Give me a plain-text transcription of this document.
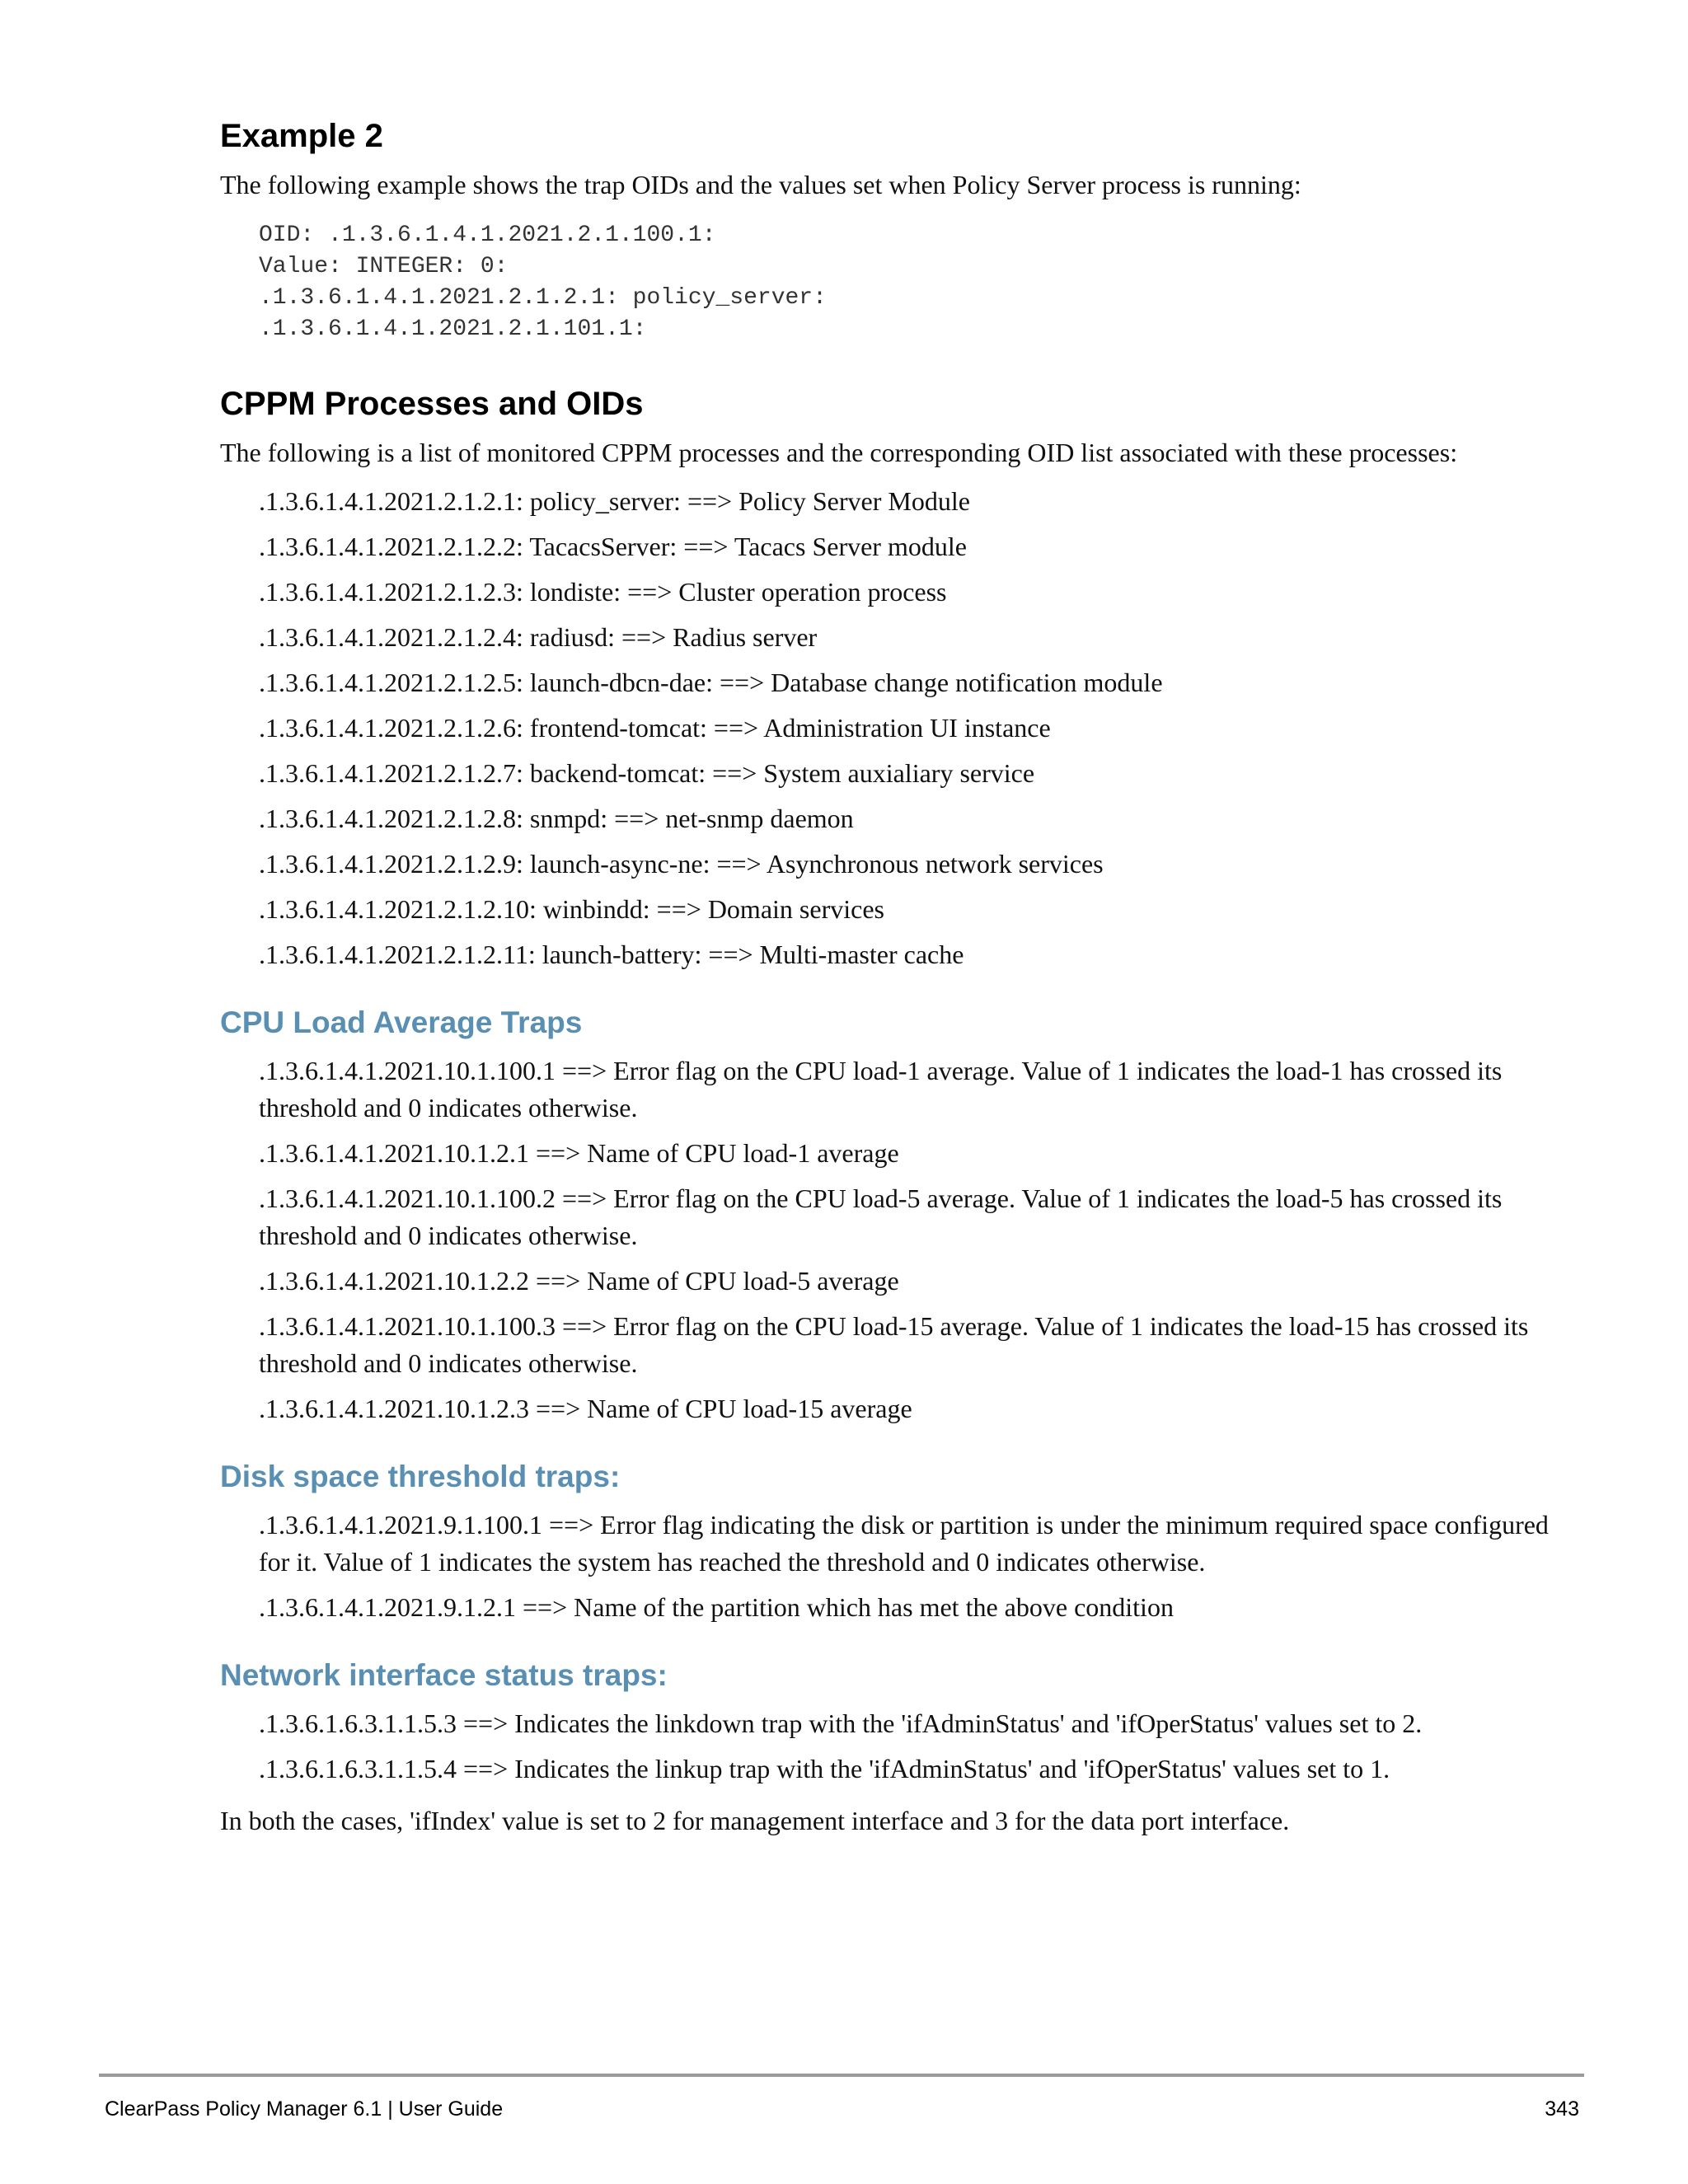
Example 2

The following example shows the trap OIDs and the values set when Policy Server process is running:

OID: .1.3.6.1.4.1.2021.2.1.100.1:
Value: INTEGER: 0:
.1.3.6.1.4.1.2021.2.1.2.1: policy_server:
.1.3.6.1.4.1.2021.2.1.101.1:
CPPM Processes and OIDs

The following is a list of monitored CPPM processes and the corresponding OID list associated with these processes:

.1.3.6.1.4.1.2021.2.1.2.1: policy_server: ==> Policy Server Module
.1.3.6.1.4.1.2021.2.1.2.2: TacacsServer: ==> Tacacs Server module
.1.3.6.1.4.1.2021.2.1.2.3: londiste: ==> Cluster operation process
.1.3.6.1.4.1.2021.2.1.2.4: radiusd: ==> Radius server
.1.3.6.1.4.1.2021.2.1.2.5: launch-dbcn-dae: ==> Database change notification module
.1.3.6.1.4.1.2021.2.1.2.6: frontend-tomcat: ==> Administration UI instance
.1.3.6.1.4.1.2021.2.1.2.7: backend-tomcat: ==> System auxialiary service
.1.3.6.1.4.1.2021.2.1.2.8: snmpd: ==> net-snmp daemon
.1.3.6.1.4.1.2021.2.1.2.9: launch-async-ne: ==> Asynchronous network services
.1.3.6.1.4.1.2021.2.1.2.10: winbindd: ==> Domain services
.1.3.6.1.4.1.2021.2.1.2.11: launch-battery: ==> Multi-master cache
CPU Load Average Traps
.1.3.6.1.4.1.2021.10.1.100.1 ==> Error flag on the CPU load-1 average. Value of 1 indicates the load-1 has crossed its threshold and 0 indicates otherwise.
.1.3.6.1.4.1.2021.10.1.2.1 ==> Name of CPU load-1 average
.1.3.6.1.4.1.2021.10.1.100.2 ==> Error flag on the CPU load-5 average. Value of 1 indicates the load-5 has crossed its threshold and 0 indicates otherwise.
.1.3.6.1.4.1.2021.10.1.2.2 ==> Name of CPU load-5 average
.1.3.6.1.4.1.2021.10.1.100.3 ==> Error flag on the CPU load-15 average. Value of 1 indicates the load-15 has crossed its threshold and 0 indicates otherwise.
.1.3.6.1.4.1.2021.10.1.2.3 ==> Name of CPU load-15 average
Disk space threshold traps:
.1.3.6.1.4.1.2021.9.1.100.1 ==> Error flag indicating the disk or partition is under the minimum required space configured for it. Value of 1 indicates the system has reached the threshold and 0 indicates otherwise.
.1.3.6.1.4.1.2021.9.1.2.1 ==> Name of the partition which has met the above condition
Network interface status traps:
.1.3.6.1.6.3.1.1.5.3 ==> Indicates the linkdown trap with the 'ifAdminStatus' and 'ifOperStatus' values set to 2.
.1.3.6.1.6.3.1.1.5.4 ==> Indicates the linkup trap with the 'ifAdminStatus' and 'ifOperStatus' values set to 1.

In both the cases, 'ifIndex' value is set to 2 for management interface and 3 for the data port interface.

ClearPass Policy Manager 6.1 | User Guide	343
